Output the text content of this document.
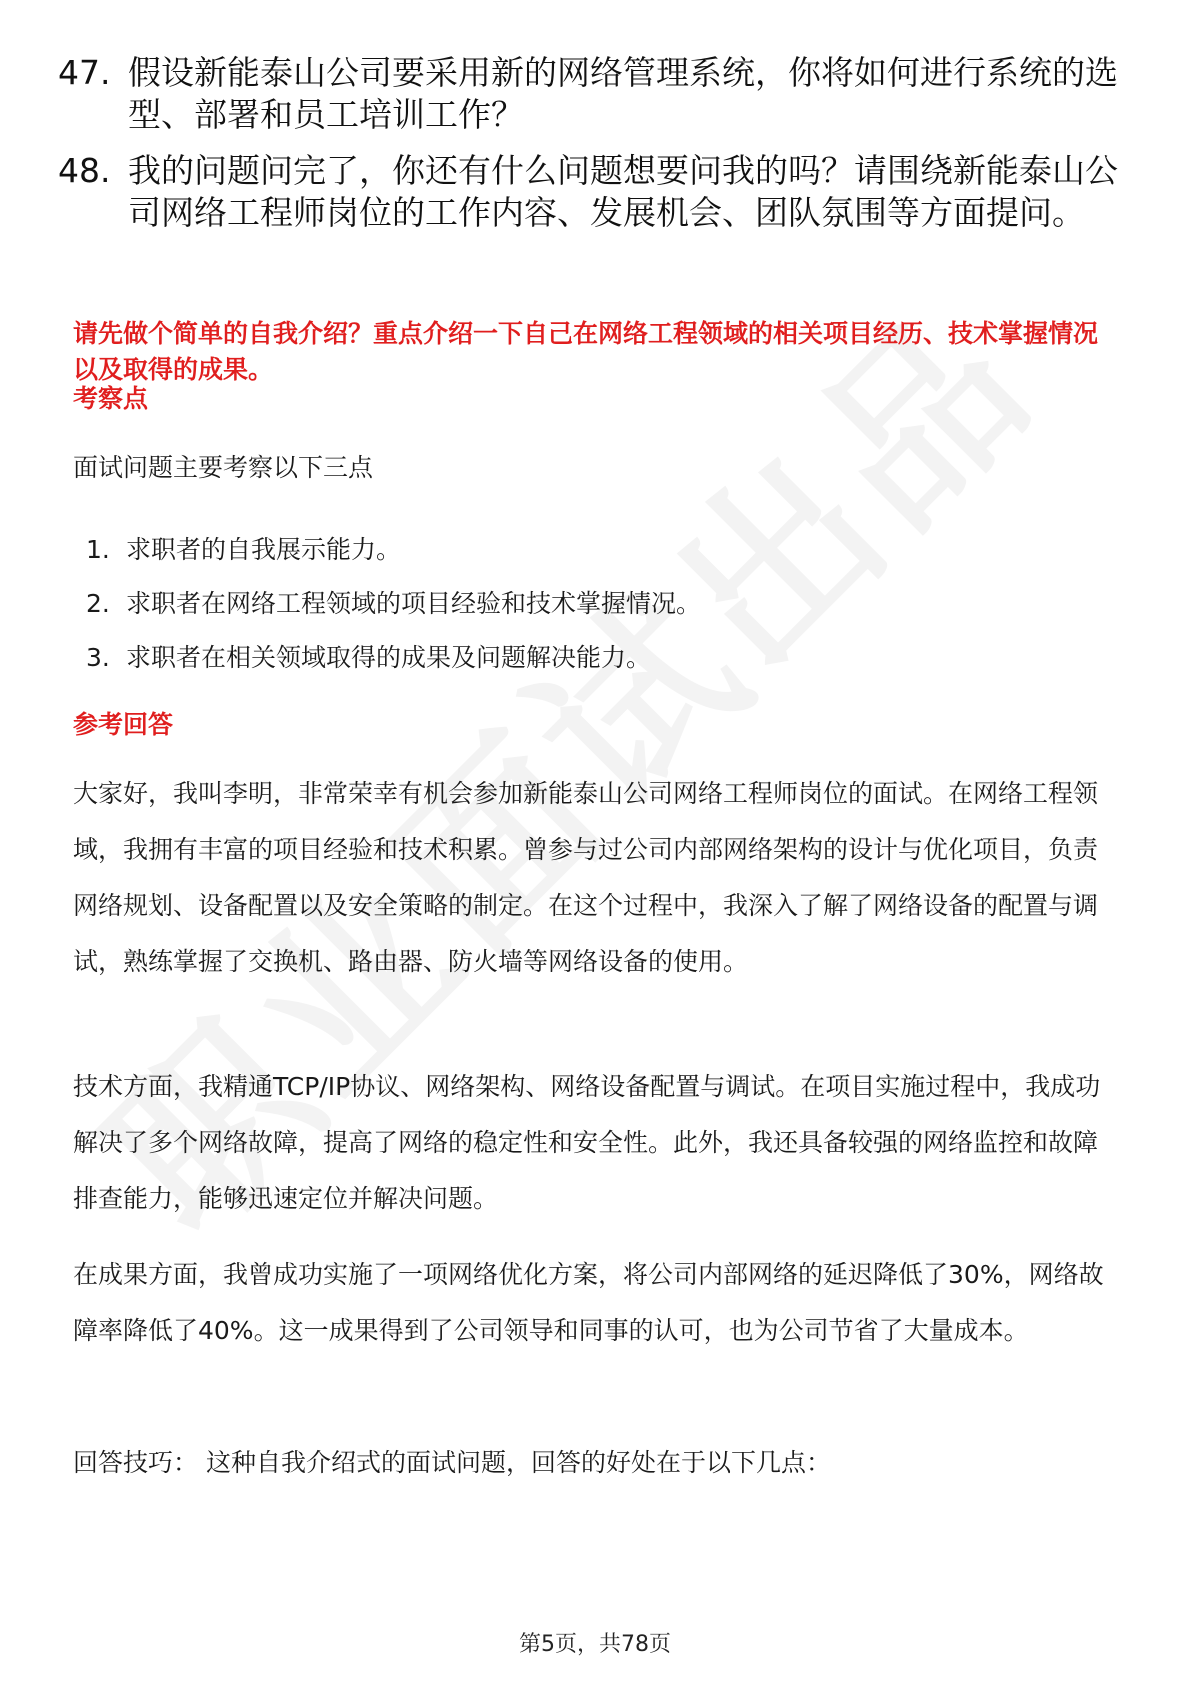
47. 假设新能泰山公司要采用新的网络管理系统，你将如何进行系统的选型、部署和员工培训工作？
48. 我的问题问完了，你还有什么问题想要问我的吗？请围绕新能泰山公司网络工程师岗位的工作内容、发展机会、团队氛围等方面提问。
请先做个简单的自我介绍？重点介绍一下自己在网络工程领域的相关项目经历、技术掌握情况以及取得的成果。
考察点
面试问题主要考察以下三点
1. 求职者的自我展示能力。
2. 求职者在网络工程领域的项目经验和技术掌握情况。
3. 求职者在相关领域取得的成果及问题解决能力。
参考回答
大家好，我叫李明，非常荣幸有机会参加新能泰山公司网络工程师岗位的面试。在网络工程领域，我拥有丰富的项目经验和技术积累。曾参与过公司内部网络架构的设计与优化项目，负责网络规划、设备配置以及安全策略的制定。在这个过程中，我深入了解了网络设备的配置与调试，熟练掌握了交换机、路由器、防火墙等网络设备的使用。
技术方面，我精通TCP/IP协议、网络架构、网络设备配置与调试。在项目实施过程中，我成功解决了多个网络故障，提高了网络的稳定性和安全性。此外，我还具备较强的网络监控和故障排查能力，能够迅速定位并解决问题。
在成果方面，我曾成功实施了一项网络优化方案，将公司内部网络的延迟降低了30%，网络故障率降低了40%。这一成果得到了公司领导和同事的认可，也为公司节省了大量成本。
回答技巧： 这种自我介绍式的面试问题，回答的好处在于以下几点：
第5页，共78页
